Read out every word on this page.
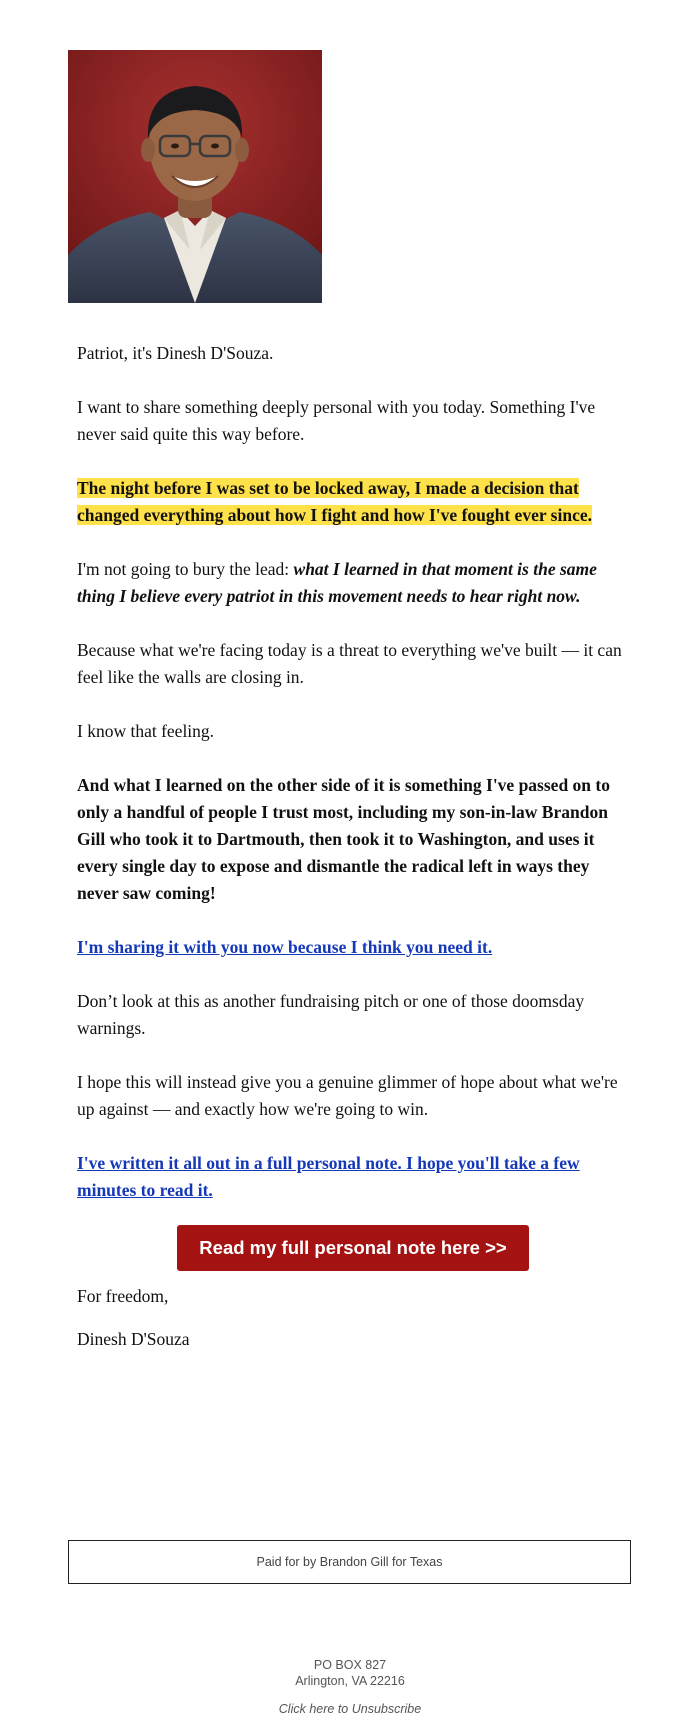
Patriot, it's Dinesh D'Souza.

I want to share something deeply personal with you today. Something I've never said quite this way before.

The night before I was set to be locked away, I made a decision that changed everything about how I fight and how I've fought ever since.

I'm not going to bury the lead: what I learned in that moment is the same thing I believe every patriot in this movement needs to hear right now.

Because what we're facing today is a threat to everything we've built — it can feel like the walls are closing in.

I know that feeling.

And what I learned on the other side of it is something I've passed on to only a handful of people I trust most, including my son-in-law Brandon Gill who took it to Dartmouth, then took it to Washington, and uses it every single day to expose and dismantle the radical left in ways they never saw coming!

I'm sharing it with you now because I think you need it.

Don’t look at this as another fundraising pitch or one of those doomsday warnings.

I hope this will instead give you a genuine glimmer of hope about what we're up against — and exactly how we're going to win.

I've written it all out in a full personal note. I hope you'll take a few minutes to read it.

Read my full personal note here >>

For freedom,

Dinesh D'Souza

Paid for by Brandon Gill for Texas
PO BOX 827
Arlington, VA 22216
Click here to Unsubscribe
